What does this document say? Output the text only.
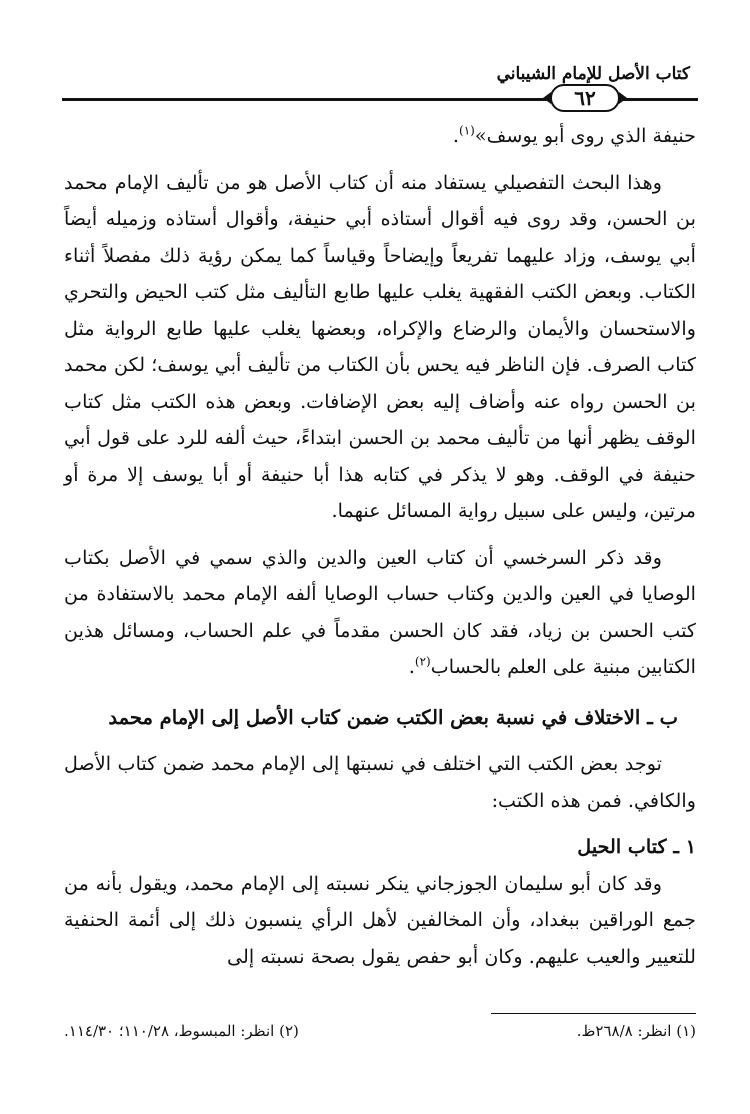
كتاب الأصل للإمام الشيباني
٦٢

حنيفة الذي روى أبو يوسف»$^{(١)}$.

وهذا البحث التفصيلي يستفاد منه أن كتاب الأصل هو من تأليف الإمام محمد بن الحسن، وقد روى فيه أقوال أستاذه أبي حنيفة، وأقوال أستاذه وزميله أيضاً أبي يوسف، وزاد عليهما تفريعاً وإيضاحاً وقياساً كما يمكن رؤية ذلك مفصلاً أثناء الكتاب. وبعض الكتب الفقهية يغلب عليها طابع التأليف مثل كتب الحيض والتحري والاستحسان والأيمان والرضاع والإكراه، وبعضها يغلب عليها طابع الرواية مثل كتاب الصرف. فإن الناظر فيه يحس بأن الكتاب من تأليف أبي يوسف؛ لكن محمد بن الحسن رواه عنه وأضاف إليه بعض الإضافات. وبعض هذه الكتب مثل كتاب الوقف يظهر أنها من تأليف محمد بن الحسن ابتداءً، حيث ألفه للرد على قول أبي حنيفة في الوقف. وهو لا يذكر في كتابه هذا أبا حنيفة أو أبا يوسف إلا مرة أو مرتين، وليس على سبيل رواية المسائل عنهما.

وقد ذكر السرخسي أن كتاب العين والدين والذي سمي في الأصل بكتاب الوصايا في العين والدين وكتاب حساب الوصايا ألفه الإمام محمد بالاستفادة من كتب الحسن بن زياد، فقد كان الحسن مقدماً في علم الحساب، ومسائل هذين الكتابين مبنية على العلم بالحساب$^{(٢)}$.

ب ـ الاختلاف في نسبة بعض الكتب ضمن كتاب الأصل إلى الإمام محمد

توجد بعض الكتب التي اختلف في نسبتها إلى الإمام محمد ضمن كتاب الأصل والكافي. فمن هذه الكتب:

١ ـ كتاب الحيل

وقد كان أبو سليمان الجوزجاني ينكر نسبته إلى الإمام محمد، ويقول بأنه من جمع الوراقين ببغداد، وأن المخالفين لأهل الرأي ينسبون ذلك إلى أئمة الحنفية للتعيير والعيب عليهم. وكان أبو حفص يقول بصحة نسبته إلى

(١) انظر: ٢٦٨/٨ظ.
(٢) انظر: المبسوط، ١١٠/٢٨؛ ١١٤/٣٠.
